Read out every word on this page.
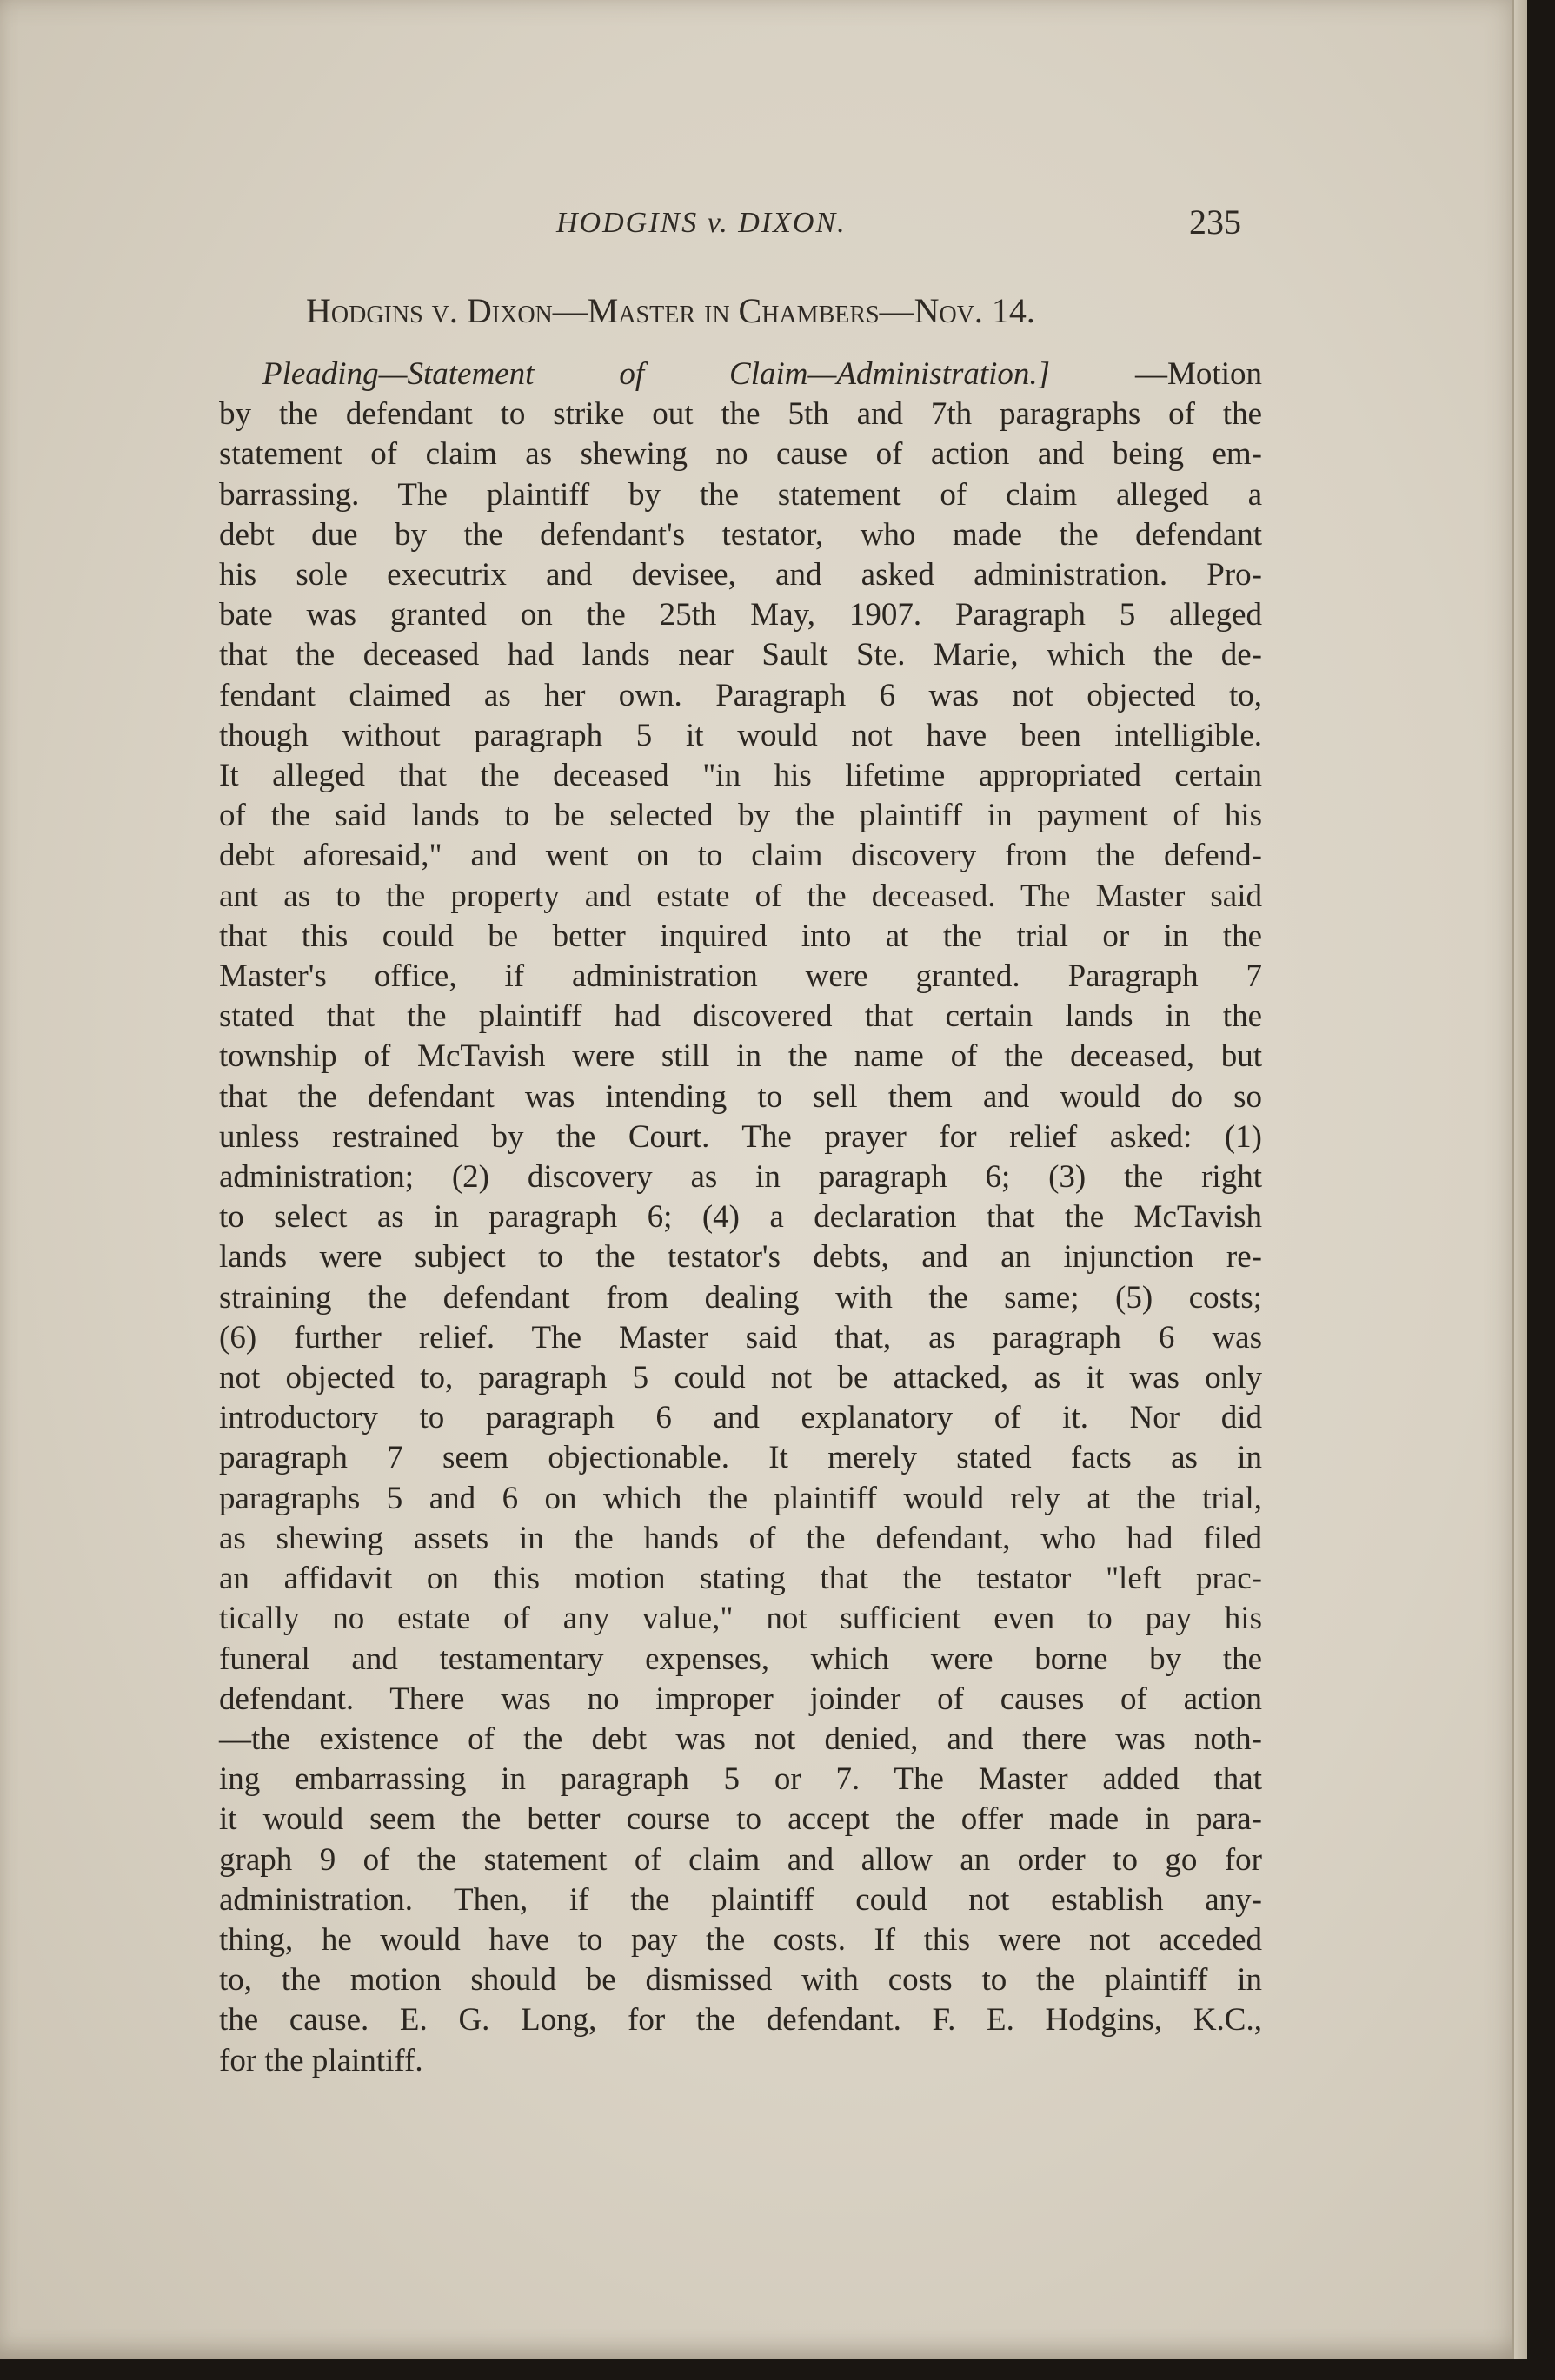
HODGINS v. DIXON.	235
Hodgins v. Dixon—Master in Chambers—Nov. 14.
Pleading—Statement of Claim—Administration.] —Motion
by the defendant to strike out the 5th and 7th paragraphs of the
statement of claim as shewing no cause of action and being em-
barrassing. The plaintiff by the statement of claim alleged a
debt due by the defendant's testator, who made the defendant
his sole executrix and devisee, and asked administration. Pro-
bate was granted on the 25th May, 1907. Paragraph 5 alleged
that the deceased had lands near Sault Ste. Marie, which the de-
fendant claimed as her own. Paragraph 6 was not objected to,
though without paragraph 5 it would not have been intelligible.
It alleged that the deceased "in his lifetime appropriated certain
of the said lands to be selected by the plaintiff in payment of his
debt aforesaid," and went on to claim discovery from the defend-
ant as to the property and estate of the deceased. The Master said
that this could be better inquired into at the trial or in the
Master's office, if administration were granted. Paragraph 7
stated that the plaintiff had discovered that certain lands in the
township of McTavish were still in the name of the deceased, but
that the defendant was intending to sell them and would do so
unless restrained by the Court. The prayer for relief asked: (1)
administration; (2) discovery as in paragraph 6; (3) the right
to select as in paragraph 6; (4) a declaration that the McTavish
lands were subject to the testator's debts, and an injunction re-
straining the defendant from dealing with the same; (5) costs;
(6) further relief. The Master said that, as paragraph 6 was
not objected to, paragraph 5 could not be attacked, as it was only
introductory to paragraph 6 and explanatory of it. Nor did
paragraph 7 seem objectionable. It merely stated facts as in
paragraphs 5 and 6 on which the plaintiff would rely at the trial,
as shewing assets in the hands of the defendant, who had filed
an affidavit on this motion stating that the testator "left prac-
tically no estate of any value," not sufficient even to pay his
funeral and testamentary expenses, which were borne by the
defendant. There was no improper joinder of causes of action
—the existence of the debt was not denied, and there was noth-
ing embarrassing in paragraph 5 or 7. The Master added that
it would seem the better course to accept the offer made in para-
graph 9 of the statement of claim and allow an order to go for
administration. Then, if the plaintiff could not establish any-
thing, he would have to pay the costs. If this were not acceded
to, the motion should be dismissed with costs to the plaintiff in
the cause. E. G. Long, for the defendant. F. E. Hodgins, K.C.,
for the plaintiff.
